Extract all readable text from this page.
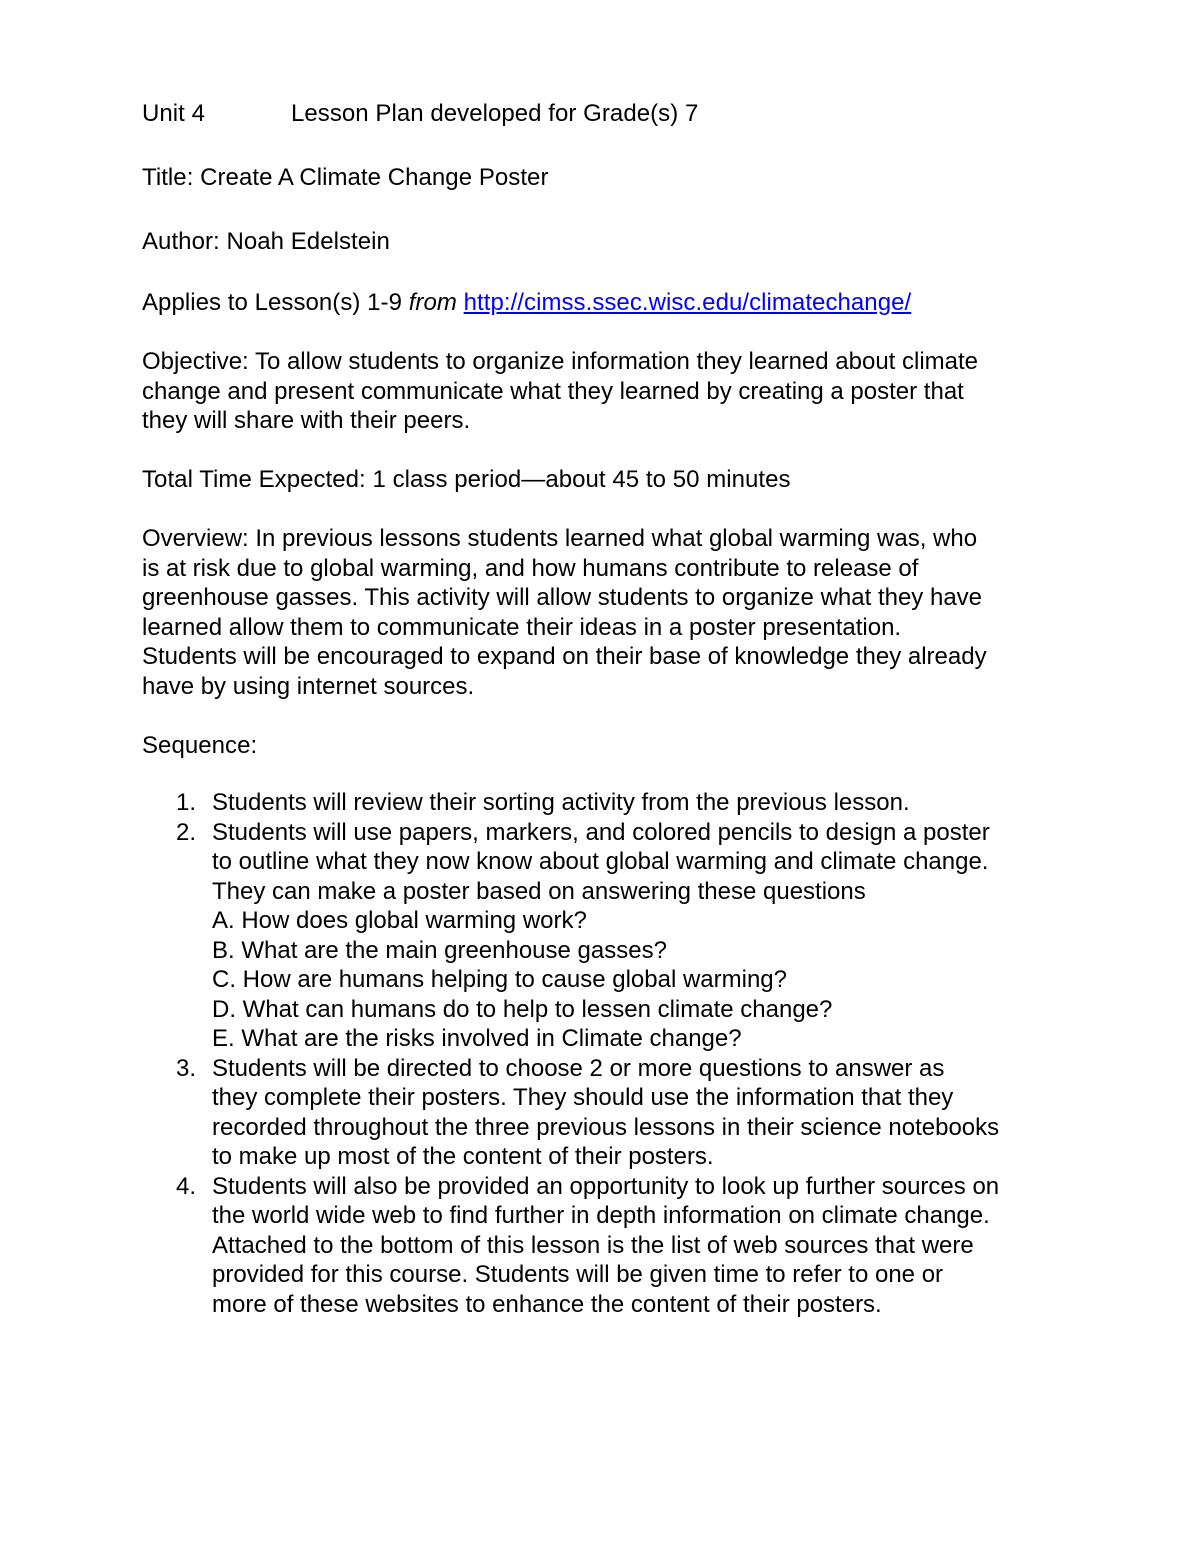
Unit 4	Lesson Plan developed for Grade(s) 7
Title: Create A Climate Change Poster
Author: Noah Edelstein
Applies to Lesson(s) 1-9 from http://cimss.ssec.wisc.edu/climatechange/
Objective: To allow students to organize information they learned about climate
change and present communicate what they learned by creating a poster that
they will share with their peers.
Total Time Expected: 1 class period—about 45 to 50 minutes
Overview: In previous lessons students learned what global warming was, who
is at risk due to global warming, and how humans contribute to release of
greenhouse gasses. This activity will allow students to organize what they have
learned allow them to communicate their ideas in a poster presentation.
Students will be encouraged to expand on their base of knowledge they already
have by using internet sources.
Sequence:
1. Students will review their sorting activity from the previous lesson.
2. Students will use papers, markers, and colored pencils to design a poster
to outline what they now know about global warming and climate change.
They can make a poster based on answering these questions
A. How does global warming work?
B. What are the main greenhouse gasses?
C. How are humans helping to cause global warming?
D. What can humans do to help to lessen climate change?
E. What are the risks involved in Climate change?
3. Students will be directed to choose 2 or more questions to answer as
they complete their posters. They should use the information that they
recorded throughout the three previous lessons in their science notebooks
to make up most of the content of their posters.
4. Students will also be provided an opportunity to look up further sources on
the world wide web to find further in depth information on climate change.
Attached to the bottom of this lesson is the list of web sources that were
provided for this course. Students will be given time to refer to one or
more of these websites to enhance the content of their posters.
